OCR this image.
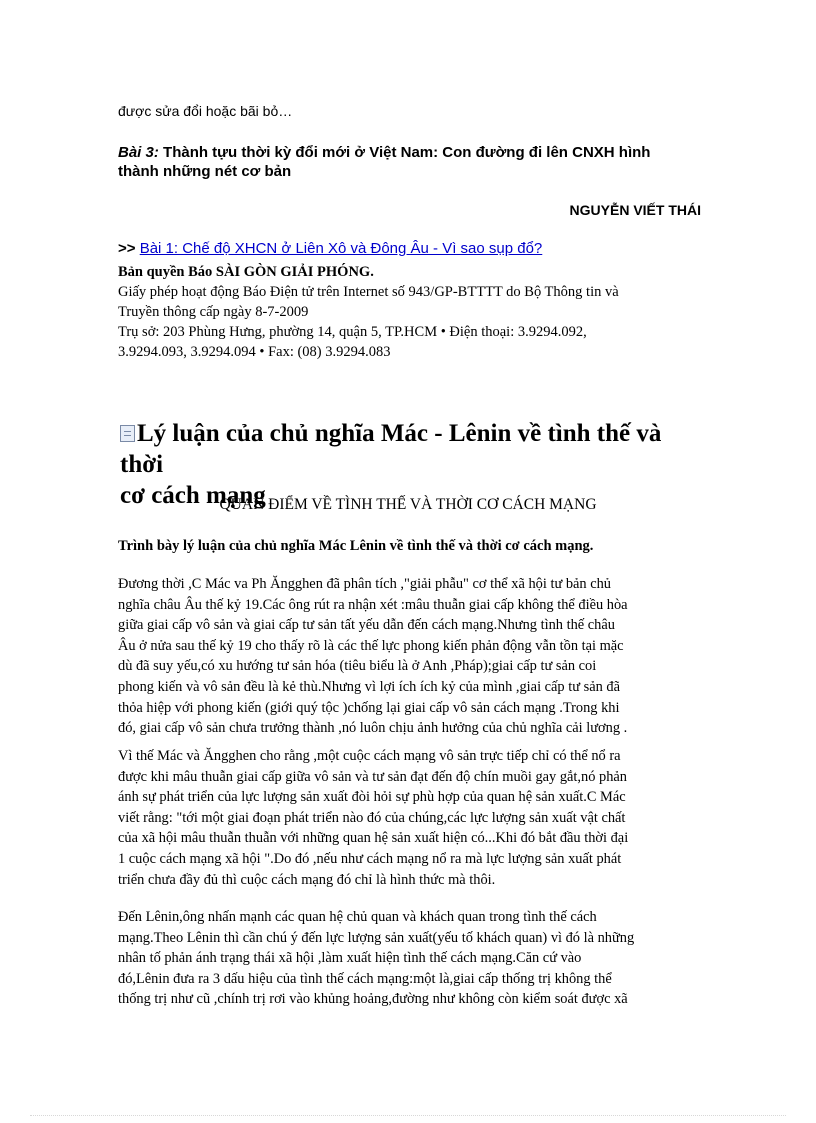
được sửa đổi hoặc bãi bỏ…
Bài 3: Thành tựu thời kỳ đổi mới ở Việt Nam: Con đường đi lên CNXH hình
thành những nét cơ bản
NGUYỄN VIẾT THÁI
>> Bài 1: Chế độ XHCN ở Liên Xô và Đông Âu - Vì sao sụp đổ?
Bản quyền Báo SÀI GÒN GIẢI PHÓNG.
Giấy phép hoạt động Báo Điện tử trên Internet số 943/GP-BTTTT do Bộ Thông tin và
Truyền thông cấp ngày 8-7-2009
Trụ sở: 203 Phùng Hưng, phường 14, quận 5, TP.HCM • Điện thoại: 3.9294.092,
3.9294.093, 3.9294.094 • Fax: (08) 3.9294.083
Lý luận của chủ nghĩa Mác - Lênin về tình thế và thời
cơ cách mạng
QUAN ĐIỂM VỀ TÌNH THẾ VÀ THỜI CƠ CÁCH MẠNG
Trình bày lý luận của chủ nghĩa Mác Lênin về tình thế và thời cơ cách mạng.
Đương thời ,C Mác va Ph Ăngghen đã phân tích ,"giải phẫu" cơ thể xã hội tư bản chủ
nghĩa châu Âu thế kỷ 19.Các ông rút ra nhận xét :mâu thuẫn giai cấp không thể điều hòa
giữa giai cấp vô sản và giai cấp tư sản tất yếu dẫn đến cách mạng.Nhưng tình thế châu
Âu ở nửa sau thế kỷ 19 cho thấy rõ là các thế lực phong kiến phản động vẫn tồn tại mặc
dù đã suy yếu,có xu hướng tư sản hóa (tiêu biểu là ở Anh ,Pháp);giai cấp tư sản coi
phong kiến và vô sản đều là kẻ thù.Nhưng vì lợi ích ích kỷ của mình ,giai cấp tư sản đã
thỏa hiệp với phong kiến (giới quý tộc )chống lại giai cấp vô sản cách mạng .Trong khi
đó, giai cấp vô sản chưa trưởng thành ,nó luôn chịu ảnh hưởng của chủ nghĩa cải lương .
Vì thế Mác và Ăngghen cho rằng ,một cuộc cách mạng vô sản trực tiếp chỉ có thể nổ ra
được khi mâu thuẫn giai cấp giữa vô sản và tư sản đạt đến độ chín muồi gay gắt,nó phản
ánh sự phát triển của lực lượng sản xuất đòi hỏi sự phù hợp của quan hệ sản xuất.C Mác
viết rằng: "tới một giai đoạn phát triển nào đó của chúng,các lực lượng sản xuất vật chất
của xã hội mâu thuẫn thuẫn với những quan hệ sản xuất hiện có...Khi đó bắt đầu thời đại
1 cuộc cách mạng xã hội ".Do đó ,nếu như cách mạng nổ ra mà lực lượng sản xuất phát
triển chưa đầy đủ thì cuộc cách mạng đó chỉ là hình thức mà thôi.
Đến Lênin,ông nhấn mạnh các quan hệ chủ quan và khách quan trong tình thế cách
mạng.Theo Lênin thì cần chú ý đến lực lượng sản xuất(yếu tố khách quan) vì đó là những
nhân tố phản ánh trạng thái xã hội ,làm xuất hiện tình thế cách mạng.Căn cứ vào
đó,Lênin đưa ra 3 dấu hiệu của tình thế cách mạng:một là,giai cấp thống trị không thể
thống trị như cũ ,chính trị rơi vào khủng hoảng,đường như không còn kiểm soát được xã
